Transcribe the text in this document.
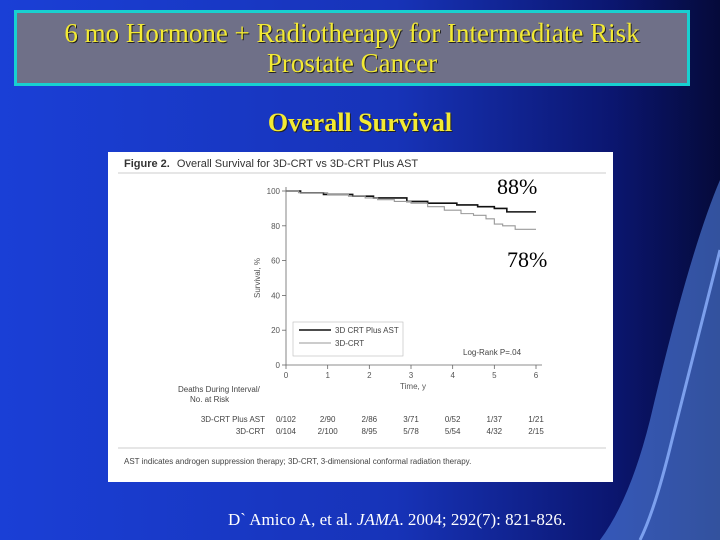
6 mo Hormone + Radiotherapy for Intermediate Risk
Prostate Cancer
Overall Survival
Figure 2. Overall Survival for 3D-CRT vs 3D-CRT Plus AST
0
20
40
60
80
100
0	1	2	3	4	5	6
Time, y
Survival, %
3D CRT Plus AST
3D-CRT
Log-Rank P=.04
Deaths During Interval/
No. at Risk
3D-CRT Plus AST 0/102	2/90	2/86	3/71	0/52	1/37	1/21
3D-CRT 0/104	2/100	8/95	5/78	5/54	4/32	2/15
AST indicates androgen suppression therapy; 3D-CRT, 3-dimensional conformal radiation therapy.
88%
78%
D` Amico A, et al. JAMA. 2004; 292(7): 821-826.
